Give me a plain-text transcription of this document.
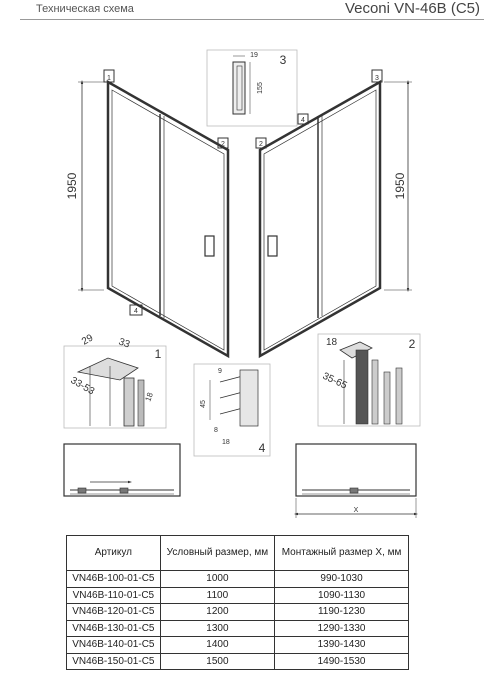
Техническая схема	Veconi VN-46B (C5)
1950	1950
1
2
3
4
2
4
19
155
3
29 33
33-53	18
1
9
45
8
18 4
18
35-65
2
X
Артикул	Условный размер, мм	Монтажный размер X, мм
VN46B-100-01-C5	1000	990-1030
VN46B-110-01-C5	1100	1090-1130
VN46B-120-01-C5	1200	1190-1230
VN46B-130-01-C5	1300	1290-1330
VN46B-140-01-C5	1400	1390-1430
VN46B-150-01-C5	1500	1490-1530
